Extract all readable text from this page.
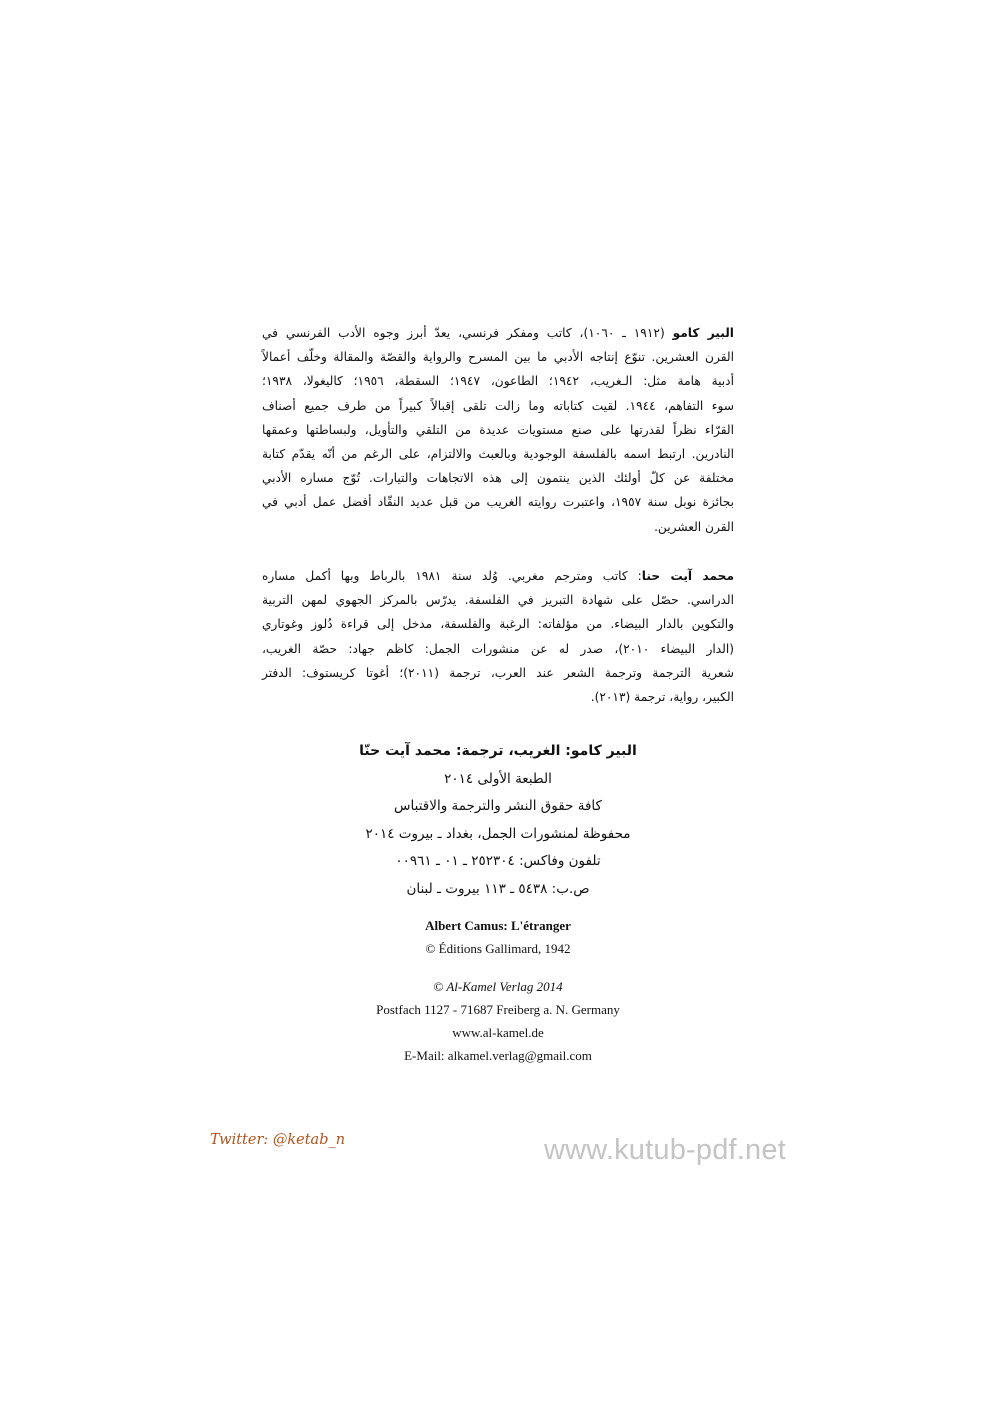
البير كامو (١٩١٢ ـ ١٠٦٠)، كاتب ومفكر فرنسي، يعدّ أبرز وجوه الأدب الفرنسي في
القرن العشرين. تنوّع إنتاجه الأدبي ما بين المسرح والرواية والقصّة والمقالة وخلّف أعمالاً
أدبية هامة مثل: الـغريب، ١٩٤٢؛ الطاعون، ١٩٤٧؛ السقطة، ١٩٥٦؛ كاليغولا، ١٩٣٨؛
سوء التفاهم، ١٩٤٤. لقيت كتاباته وما زالت تلقى إقبالاً كبيراً من طرف جميع أصناف
القرّاء نظراً لقدرتها على صنع مستويات عديدة من التلقي والتأويل، ولبساطتها وعمقها
النادرين. ارتبط اسمه بالفلسفة الوجودية وبالعبث والالتزام، على الرغم من أنّه يقدّم كتابة
مختلفة عن كلّ أولئك الذين ينتمون إلى هذه الاتجاهات والتيارات. تُوّج مساره الأدبي
بجائزة نوبل سنة ١٩٥٧، واعتبرت روايته الغريب من قبل عديد النقّاد أفضل عمل أدبي في
القرن العشرين.
محمد آيت حنا: كاتب ومترجم مغربي. وُلد سنة ١٩٨١ بالرباط وبها أكمل مساره
الدراسي. حصّل على شهادة التبريز في الفلسفة. يدرّس بالمركز الجهوي لمهن التربية
والتكوين بالدار البيضاء. من مؤلفاته: الرغبة والفلسفة، مدخل إلى قراءة دُلوز وغوتاري
(الدار البيضاء ٢٠١٠)، صدر له عن منشورات الجمل: كاظم جهاد: حصّة الغريب،
شعرية الترجمة وترجمة الشعر عند العرب، ترجمة (٢٠١١)؛ أغوتا كريستوف: الدفتر
الكبير، رواية، ترجمة (٢٠١٣).
البير كامو: الغريب، ترجمة: محمد آيت حنّا
الطبعة الأولى ٢٠١٤
كافة حقوق النشر والترجمة والاقتباس
محفوظة لمنشورات الجمل، بغداد ـ بيروت ٢٠١٤
تلفون وفاكس: ٢٥٢٣٠٤ ـ ٠١ ـ ٠٠٩٦١
ص.ب: ٥٤٣٨ ـ ١١٣ بيروت ـ لبنان
Albert Camus: L'étranger
© Éditions Gallimard, 1942
© Al-Kamel Verlag 2014
Postfach 1127 - 71687 Freiberg a. N. Germany
www.al-kamel.de
E-Mail: alkamel.verlag@gmail.com
Twitter: @ketab_n	www.kutub-pdf.net
